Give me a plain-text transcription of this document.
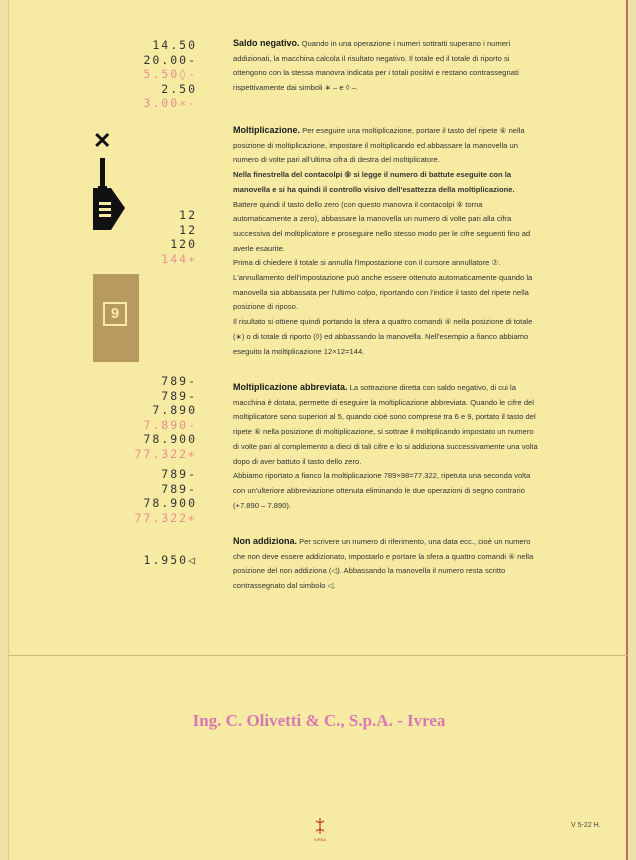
14.50
20.00-
5.50◊-
2.50
3.00∗-

Saldo negativo. Quando in una operazione i numeri sottratti superano i numeri addizionati, la macchina calcola il risultato negativo. Il totale ed il totale di riporto si ottengono con la stessa manovra indicata per i totali positivi e restano contrassegnati rispettivamente dai simboli ∗ – e ◊ –.

✕
12
12
120
144∗
9
Moltiplicazione. Per eseguire una moltiplicazione, portare il tasto del ripete ⑥ nella posizione di moltiplicazione, impostare il moltiplicando ed abbassare la manovella un numero di volte pari all'ultima cifra di destra del moltiplicatore.
Nella finestrella del contacolpi ⑨ si legge il numero di battute eseguite con la manovella e si ha quindi il controllo visivo dell'esattezza della moltiplicazione.
Battere quindi il tasto dello zero (con questo manovra il contacolpi ⑨ torna automaticamente a zero), abbassare la manovella un numero di volte pari alla cifra successiva del moltiplicatore e proseguire nello stesso modo per le cifre seguenti fino ad averle esaurite.
Prima di chiedere il totale si annulla l'impostazione con il cursore annullatore ⑦. L'annullamento dell'impostazione può anche essere ottenuto automaticamente quando la manovella sia abbassata per l'ultimo colpo, riportando con l'indice il tasto del ripete nella posizione di riposo.
Il risultato si ottiene quindi portando la sfera a quattro comandi ④ nella posizione di totale (∗) o di totale di riporto (◊) ed abbassando la manovella. Nell'esempio a fianco abbiamo eseguito la moltiplicazione 12×12=144.
789-
789-
7.890
7.890-
78.900
77.322∗
789-
789-
78.900
77.322∗
Moltiplicazione abbreviata. La sottrazione diretta con saldo negativo, di cui la macchina è dotata, permette di eseguire la moltiplicazione abbreviata. Quando le cifre del moltiplicatore sono superiori al 5, quando cioè sono comprese tra 6 e 9, portato il tasto del ripete ⑥ nella posizione di moltiplicazione, si sottrae il moltiplicando impostato un numero di volte pari al complemento a dieci di tali cifre e lo si addiziona successivamente una volta dopo di aver battuto il tasto dello zero.
Abbiamo riportato a fianco la moltiplicazione 789×98=77.322, ripetuta una seconda volta con un'ulteriore abbreviazione ottenuta eliminando le due operazioni di segno contrario (+7.890 – 7.890).
1.950◁

Non addiziona. Per scrivere un numero di riferimento, una data ecc., cioè un numero che non deve essere addizionato, impostarlo e portare la sfera a quattro comandi ④ nella posizione del non addiziona (◁). Abbassando la manovella il numero resta scritto contrassegnato dal simbolo ◁.

Ing. C. Olivetti & C., S.p.A. - Ivrea
IVREA
V 5-22 H.
